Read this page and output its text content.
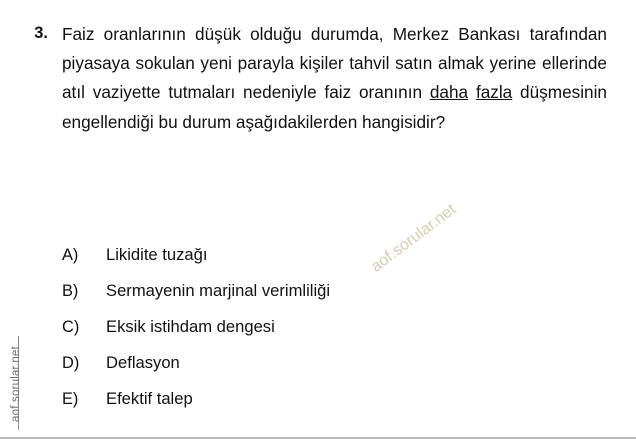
aof.sorular.net
3. Faiz oranlarının düşük olduğu durumda, Merkez Bankası tarafından piyasaya sokulan yeni parayla kişiler tahvil satın almak yerine ellerinde atıl vaziyette tutmaları nedeniyle faiz oranının daha fazla düşmesinin engellendiği bu durum aşağıdakilerden hangisidir?
A)	Likidite tuzağı
B)	Sermayenin marjinal verimliliği
C)	Eksik istihdam dengesi
D)	Deflasyon
E)	Efektif talep
aof.sorular.net
